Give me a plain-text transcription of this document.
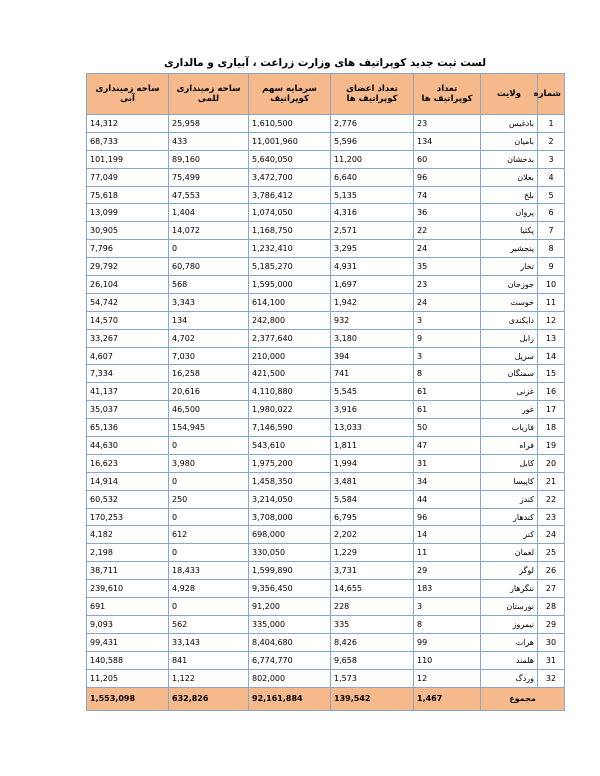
لست ثبت جدید کوپراتیف های وزارت زراعت ، آبیاری و مالداری
شماره	ولایت	تعداد کوپراتیف ها	تعداد اعضای کوپراتیف ها	سرمایه سهم کوپراتیف	ساحه زمینداری للمی	ساحه زمینداری آبی
1	بادغیس	23	2,776	1,610,500	25,958	14,312
2	بامیان	134	5,596	11,001,960	433	68,733
3	بدخشان	60	11,200	5,640,050	89,160	101,199
4	بغلان	96	6,640	3,472,700	75,499	77,049
5	بلخ	74	5,135	3,786,412	47,553	75,618
6	پروان	36	4,316	1,074,050	1,404	13,099
7	پکتیا	22	2,571	1,168,750	14,072	30,905
8	پنجشیر	24	3,295	1,232,410	0	7,796
9	تخار	35	4,931	5,185,270	60,780	29,792
10	جوزجان	23	1,697	1,595,000	568	26,104
11	خوست	24	1,942	614,100	3,343	54,742
12	دایکندی	3	932	242,800	134	14,570
13	زابل	9	3,180	2,377,640	4,702	33,267
14	سرپل	3	394	210,000	7,030	4,607
15	سمنگان	8	741	421,500	16,258	7,334
16	غزنی	61	5,545	4,110,880	20,616	41,137
17	غور	61	3,916	1,980,022	46,500	35,037
18	فاریاب	50	13,033	7,146,590	154,945	65,136
19	فراه	47	1,811	543,610	0	44,630
20	کابل	31	1,994	1,975,200	3,980	16,623
21	کاپیسا	34	3,481	1,458,350	0	14,914
22	کندز	44	5,584	3,214,050	250	60,532
23	کندهار	96	6,795	3,708,000	0	170,253
24	کنر	14	2,202	698,000	612	4,182
25	لغمان	11	1,229	330,050	0	2,198
26	لوگر	29	3,731	1,599,890	18,433	38,711
27	ننگرهار	183	14,655	9,356,450	4,928	239,610
28	نورستان	3	228	91,200	0	691
29	نیمروز	8	335	335,000	562	9,093
30	هرات	99	8,426	8,404,680	33,143	99,431
31	هلمند	110	9,658	6,774,770	841	140,588
32	وردگ	12	1,573	802,000	1,122	11,205
مجموع		1,467	139,542	92,161,884	632,826	1,553,098
